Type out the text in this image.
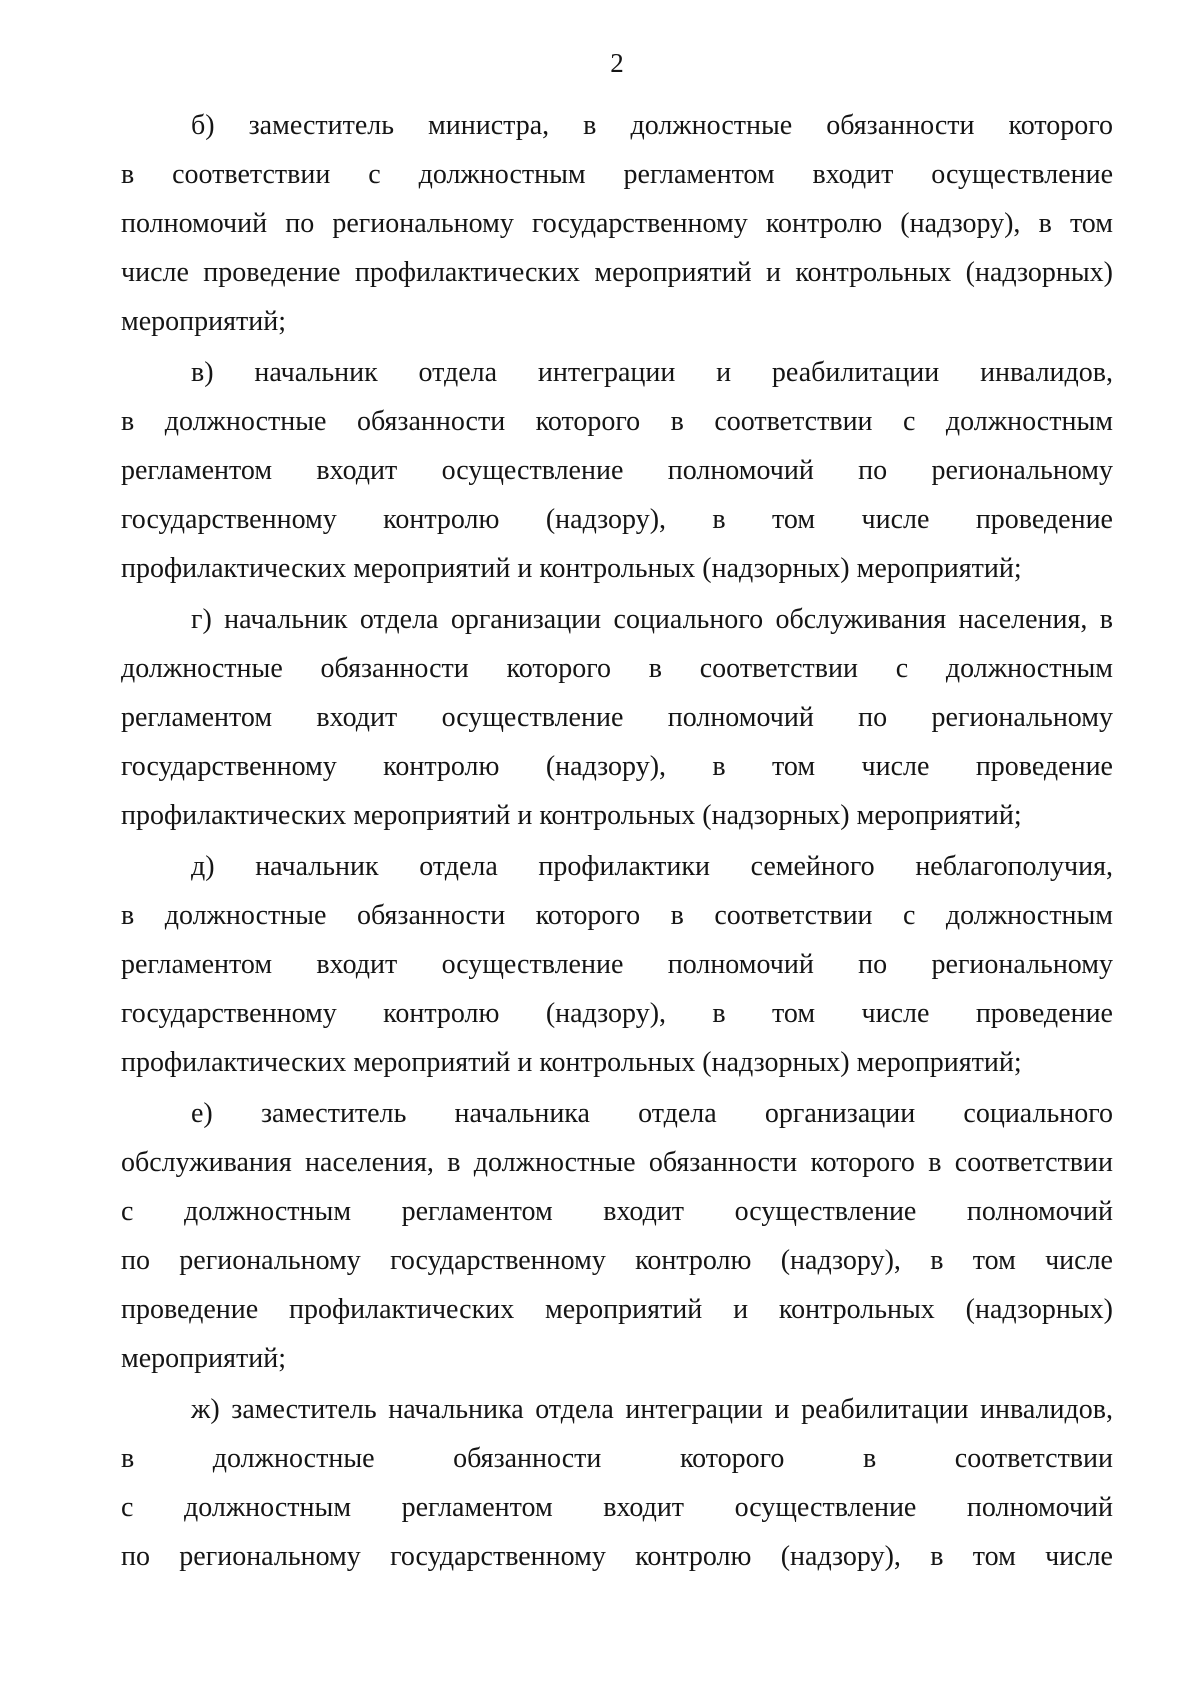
2
б) заместитель министра, в должностные обязанности которого
в соответствии с должностным регламентом входит осуществление
полномочий по региональному государственному контролю (надзору), в том
числе проведение профилактических мероприятий и контрольных (надзорных)
мероприятий;
в) начальник отдела интеграции и реабилитации инвалидов,
в должностные обязанности которого в соответствии с должностным
регламентом входит осуществление полномочий по региональному
государственному контролю (надзору), в том числе проведение
профилактических мероприятий и контрольных (надзорных) мероприятий;
г) начальник отдела организации социального обслуживания населения, в
должностные обязанности которого в соответствии с должностным
регламентом входит осуществление полномочий по региональному
государственному контролю (надзору), в том числе проведение
профилактических мероприятий и контрольных (надзорных) мероприятий;
д) начальник отдела профилактики семейного неблагополучия,
в должностные обязанности которого в соответствии с должностным
регламентом входит осуществление полномочий по региональному
государственному контролю (надзору), в том числе проведение
профилактических мероприятий и контрольных (надзорных) мероприятий;
е) заместитель начальника отдела организации социального
обслуживания населения, в должностные обязанности которого в соответствии
с должностным регламентом входит осуществление полномочий
по региональному государственному контролю (надзору), в том числе
проведение профилактических мероприятий и контрольных (надзорных)
мероприятий;
ж) заместитель начальника отдела интеграции и реабилитации инвалидов,
в должностные обязанности которого в соответствии
с должностным регламентом входит осуществление полномочий
по региональному государственному контролю (надзору), в том числе
